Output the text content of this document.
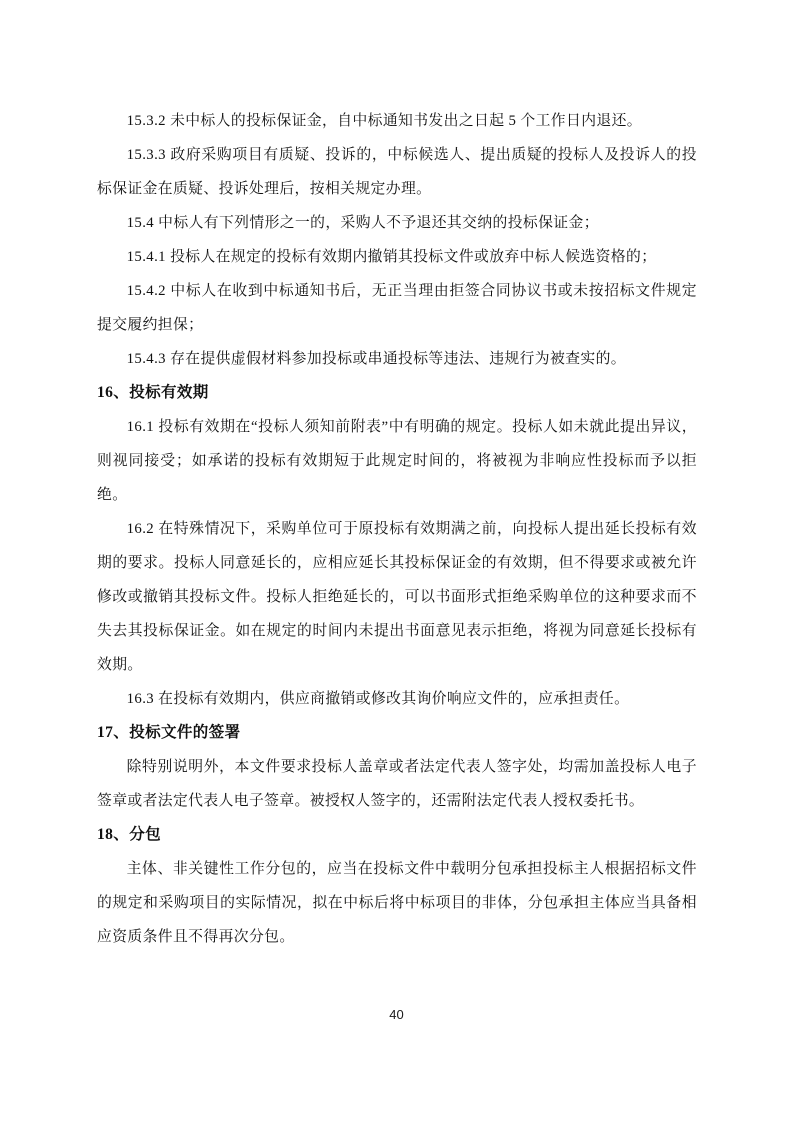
15.3.2 未中标人的投标保证金，自中标通知书发出之日起 5 个工作日内退还。

15.3.3 政府采购项目有质疑、投诉的，中标候选人、提出质疑的投标人及投诉人的投标保证金在质疑、投诉处理后，按相关规定办理。

15.4 中标人有下列情形之一的，采购人不予退还其交纳的投标保证金；

15.4.1 投标人在规定的投标有效期内撤销其投标文件或放弃中标人候选资格的；

15.4.2 中标人在收到中标通知书后，无正当理由拒签合同协议书或未按招标文件规定提交履约担保；

15.4.3 存在提供虚假材料参加投标或串通投标等违法、违规行为被查实的。

16、投标有效期

16.1 投标有效期在“投标人须知前附表”中有明确的规定。投标人如未就此提出异议，则视同接受；如承诺的投标有效期短于此规定时间的，将被视为非响应性投标而予以拒绝。

16.2 在特殊情况下，采购单位可于原投标有效期满之前，向投标人提出延长投标有效期的要求。投标人同意延长的，应相应延长其投标保证金的有效期，但不得要求或被允许修改或撤销其投标文件。投标人拒绝延长的，可以书面形式拒绝采购单位的这种要求而不失去其投标保证金。如在规定的时间内未提出书面意见表示拒绝，将视为同意延长投标有效期。

16.3 在投标有效期内，供应商撤销或修改其询价响应文件的，应承担责任。

17、投标文件的签署

除特别说明外，本文件要求投标人盖章或者法定代表人签字处，均需加盖投标人电子签章或者法定代表人电子签章。被授权人签字的，还需附法定代表人授权委托书。

18、分包

主体、非关键性工作分包的，应当在投标文件中载明分包承担投标主人根据招标文件的规定和采购项目的实际情况，拟在中标后将中标项目的非体，分包承担主体应当具备相应资质条件且不得再次分包。

40
